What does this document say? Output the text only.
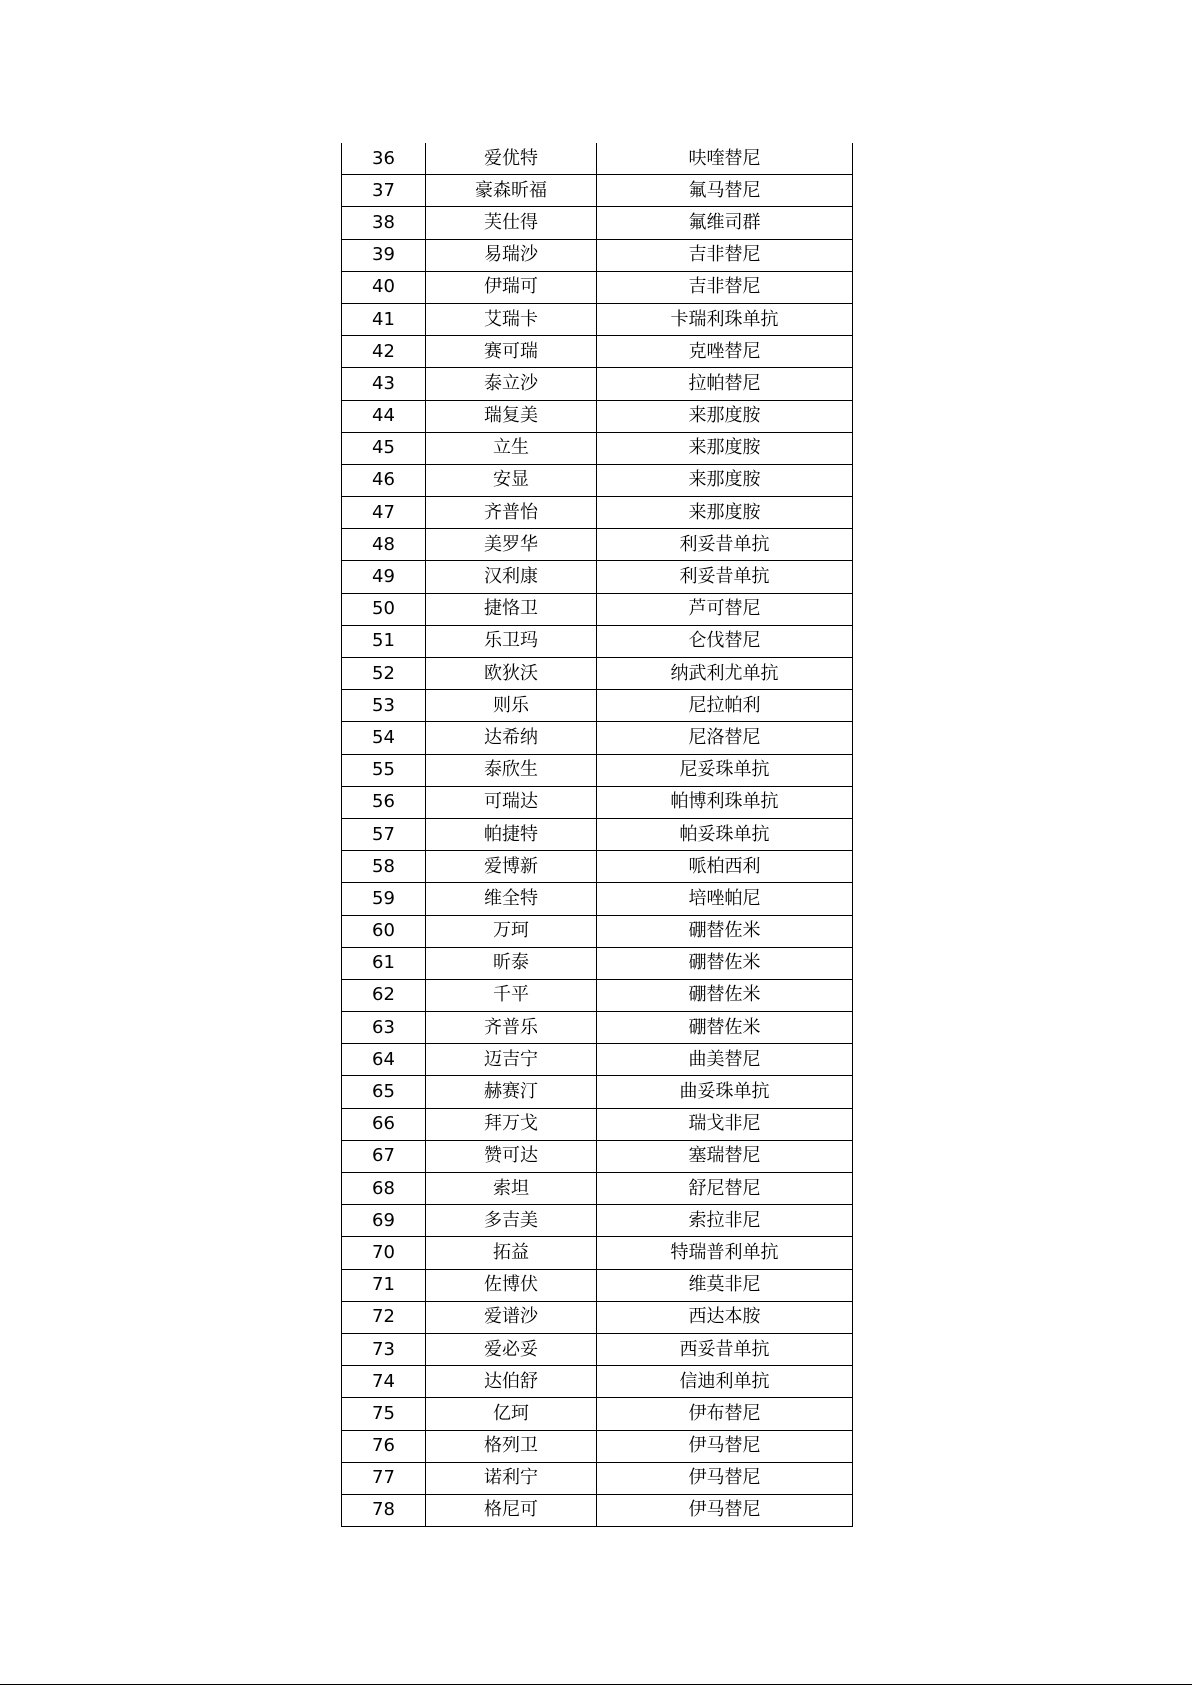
36	爱优特	呋喹替尼
37	豪森昕福	氟马替尼
38	芙仕得	氟维司群
39	易瑞沙	吉非替尼
40	伊瑞可	吉非替尼
41	艾瑞卡	卡瑞利珠单抗
42	赛可瑞	克唑替尼
43	泰立沙	拉帕替尼
44	瑞复美	来那度胺
45	立生	来那度胺
46	安显	来那度胺
47	齐普怡	来那度胺
48	美罗华	利妥昔单抗
49	汉利康	利妥昔单抗
50	捷恪卫	芦可替尼
51	乐卫玛	仑伐替尼
52	欧狄沃	纳武利尤单抗
53	则乐	尼拉帕利
54	达希纳	尼洛替尼
55	泰欣生	尼妥珠单抗
56	可瑞达	帕博利珠单抗
57	帕捷特	帕妥珠单抗
58	爱博新	哌柏西利
59	维全特	培唑帕尼
60	万珂	硼替佐米
61	昕泰	硼替佐米
62	千平	硼替佐米
63	齐普乐	硼替佐米
64	迈吉宁	曲美替尼
65	赫赛汀	曲妥珠单抗
66	拜万戈	瑞戈非尼
67	赞可达	塞瑞替尼
68	索坦	舒尼替尼
69	多吉美	索拉非尼
70	拓益	特瑞普利单抗
71	佐博伏	维莫非尼
72	爱谱沙	西达本胺
73	爱必妥	西妥昔单抗
74	达伯舒	信迪利单抗
75	亿珂	伊布替尼
76	格列卫	伊马替尼
77	诺利宁	伊马替尼
78	格尼可	伊马替尼
